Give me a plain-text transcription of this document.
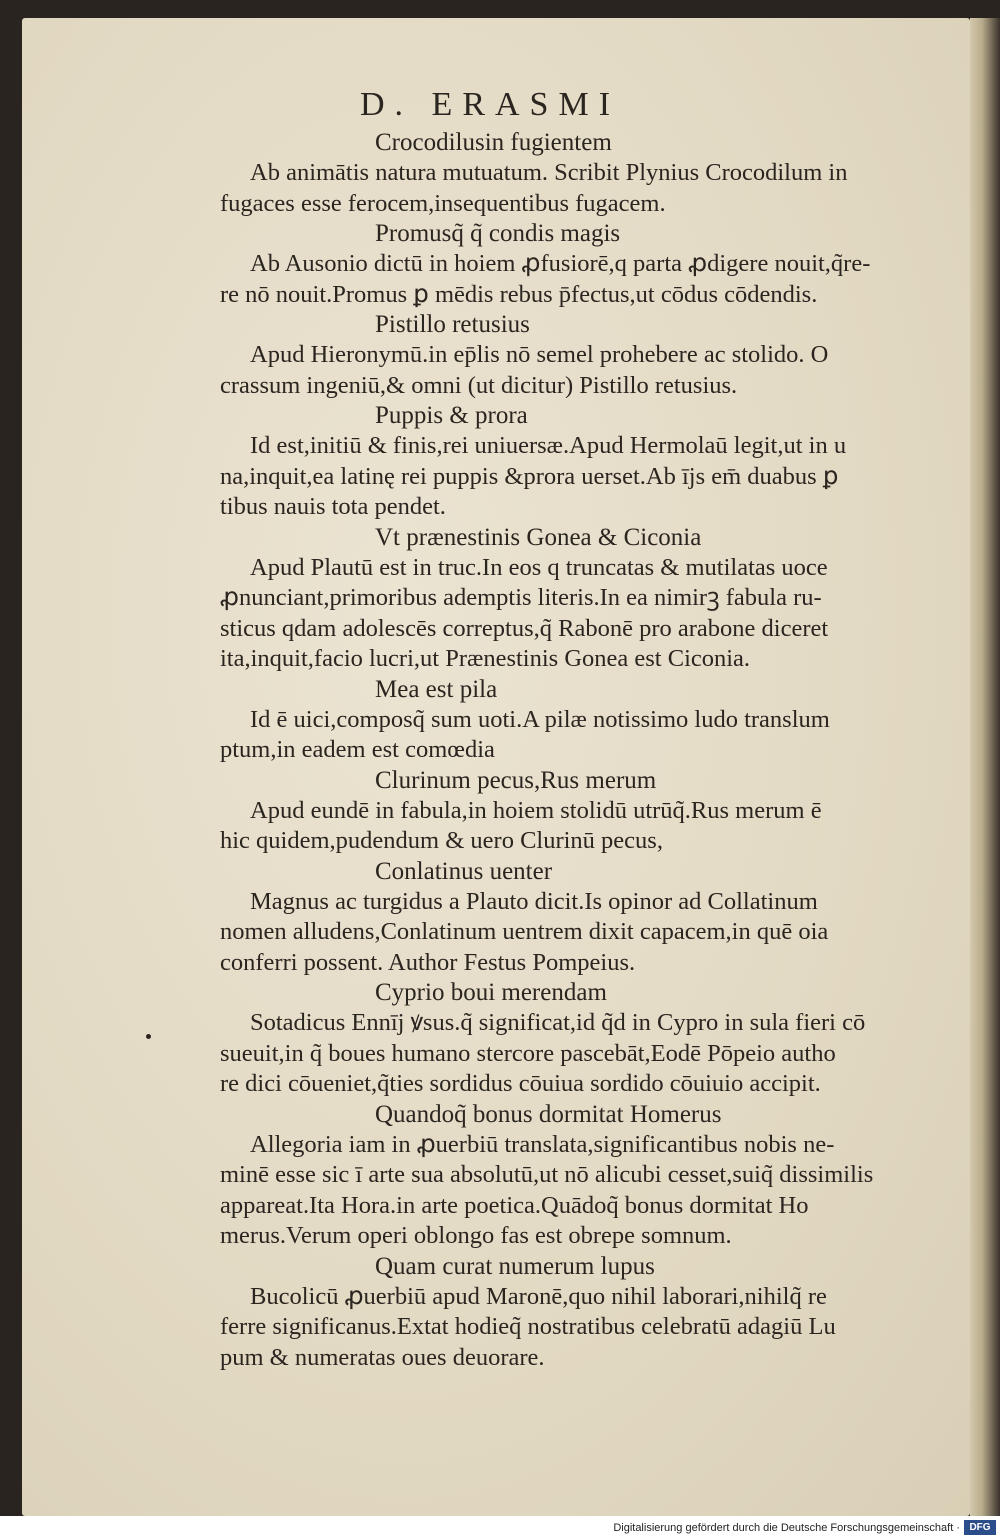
D. ERASMI
Crocodilusin fugientem
Ab animātis natura mutuatum. Scribit Plynius Crocodilum in
fugaces esse ferocem,insequentibus fugacem.
Promusq̃ q̃ condis magis
Ab Ausonio dictū in hoiem ꝓfusiorē,q parta ꝓdigere nouit,q̃re-
re nō nouit.Promus ꝑ mēdis rebus p̄fectus,ut cōdus cōdendis.
Pistillo retusius
Apud Hieronymū.in ep̄lis nō semel prohebere ac stolido. O
crassum ingeniū,& omni (ut dicitur) Pistillo retusius.
Puppis & prora
Id est,initiū & finis,rei uniuersæ.Apud Hermolaū legit,ut in u
na,inquit,ea latinę rei puppis &prora uerset.Ab ījs em̄ duabus ꝑ
tibus nauis tota pendet.
Vt prænestinis Gonea & Ciconia
Apud Plautū est in truc.In eos q truncatas & mutilatas uoce
ꝓnunciant,primoribus ademptis literis.In ea nimirꝫ fabula ru-
sticus qdam adolescēs correptus,q̃ Rabonē pro arabone diceret
ita,inquit,facio lucri,ut Prænestinis Gonea est Ciconia.
Mea est pila
Id ē uici,composq̃ sum uoti.A pilæ notissimo ludo translum
ptum,in eadem est comœdia
Clurinum pecus,Rus merum
Apud eundē in fabula,in hoiem stolidū utrūq̃.Rus merum ē
hic quidem,pudendum & uero Clurinū pecus,
Conlatinus uenter
Magnus ac turgidus a Plauto dicit.Is opinor ad Collatinum
nomen alludens,Conlatinum uentrem dixit capacem,in quē oia
conferri possent. Author Festus Pompeius.
Cyprio boui merendam
Sotadicus Ennīj ꝟsus.q̃ significat,id q̃d in Cypro in sula fieri cō
sueuit,in q̃ boues humano stercore pascebāt,Eodē Pōpeio autho
re dici cōueniet,q̃ties sordidus cōuiua sordido cōuiuio accipit.
Quandoq̃ bonus dormitat Homerus
Allegoria iam in ꝓuerbiū translata,significantibus nobis ne-
minē esse sic ī arte sua absolutū,ut nō alicubi cesset,suiq̃ dissimilis
appareat.Ita Hora.in arte poetica.Quādoq̃ bonus dormitat Ho
merus.Verum operi oblongo fas est obrepe somnum.
Quam curat numerum lupus
Bucolicū ꝓuerbiū apud Maronē,quo nihil laborari,nihilq̃ re
ferre significanus.Extat hodieq̃ nostratibus celebratū adagiū Lu
pum & numeratas oues deuorare.
Digitalisierung gefördert durch die Deutsche Forschungsgemeinschaft · DFG
